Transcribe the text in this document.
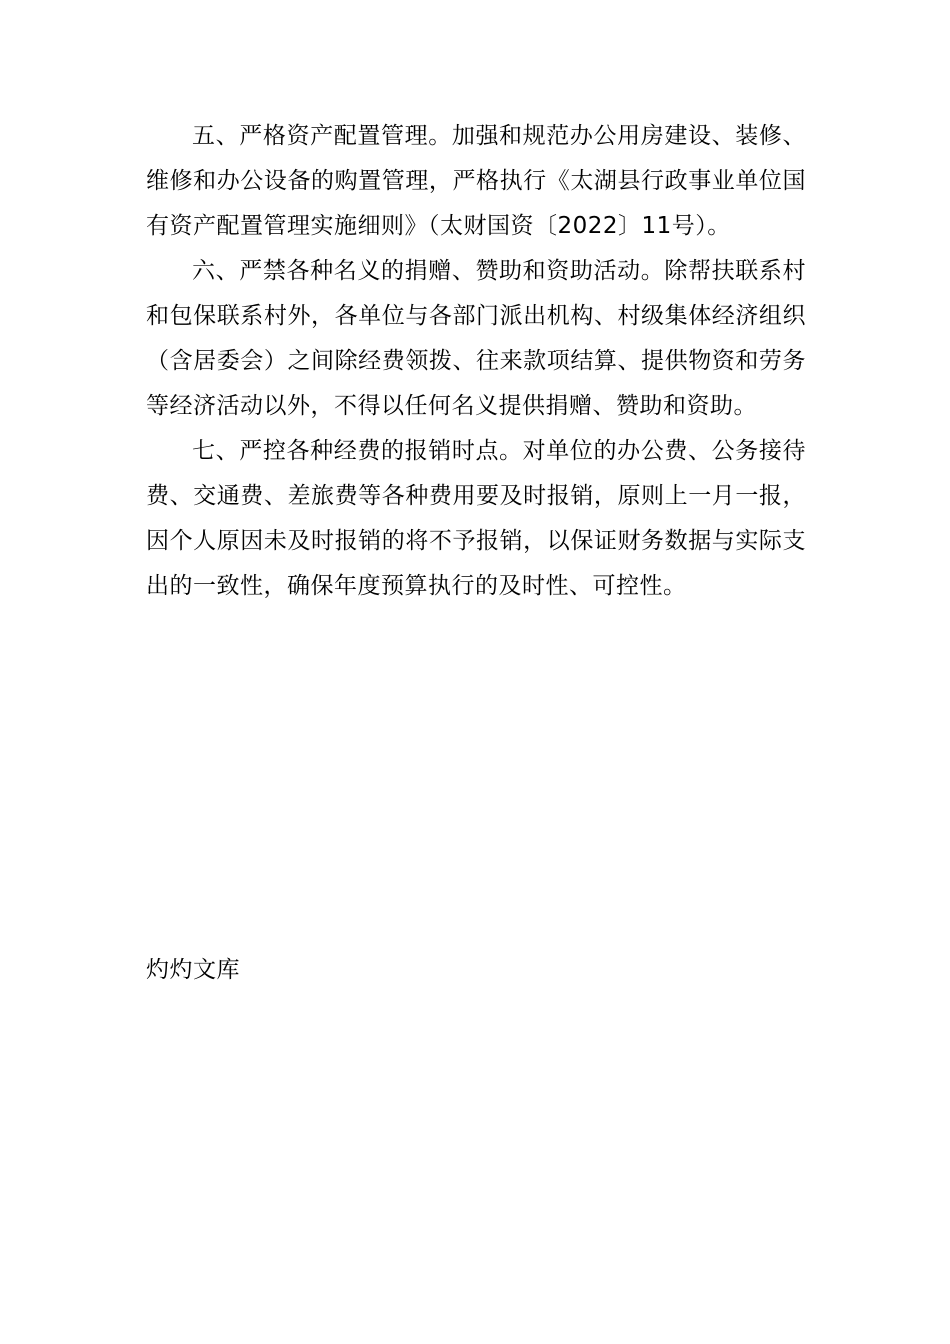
五、严格资产配置管理。加强和规范办公用房建设、装修、维修和办公设备的购置管理，严格执行《太湖县行政事业单位国有资产配置管理实施细则》（太财国资〔2022〕11号）。

六、严禁各种名义的捐赠、赞助和资助活动。除帮扶联系村和包保联系村外，各单位与各部门派出机构、村级集体经济组织（含居委会）之间除经费领拨、往来款项结算、提供物资和劳务等经济活动以外，不得以任何名义提供捐赠、赞助和资助。

七、严控各种经费的报销时点。对单位的办公费、公务接待费、交通费、差旅费等各种费用要及时报销，原则上一月一报，因个人原因未及时报销的将不予报销，以保证财务数据与实际支出的一致性，确保年度预算执行的及时性、可控性。

灼灼文库
